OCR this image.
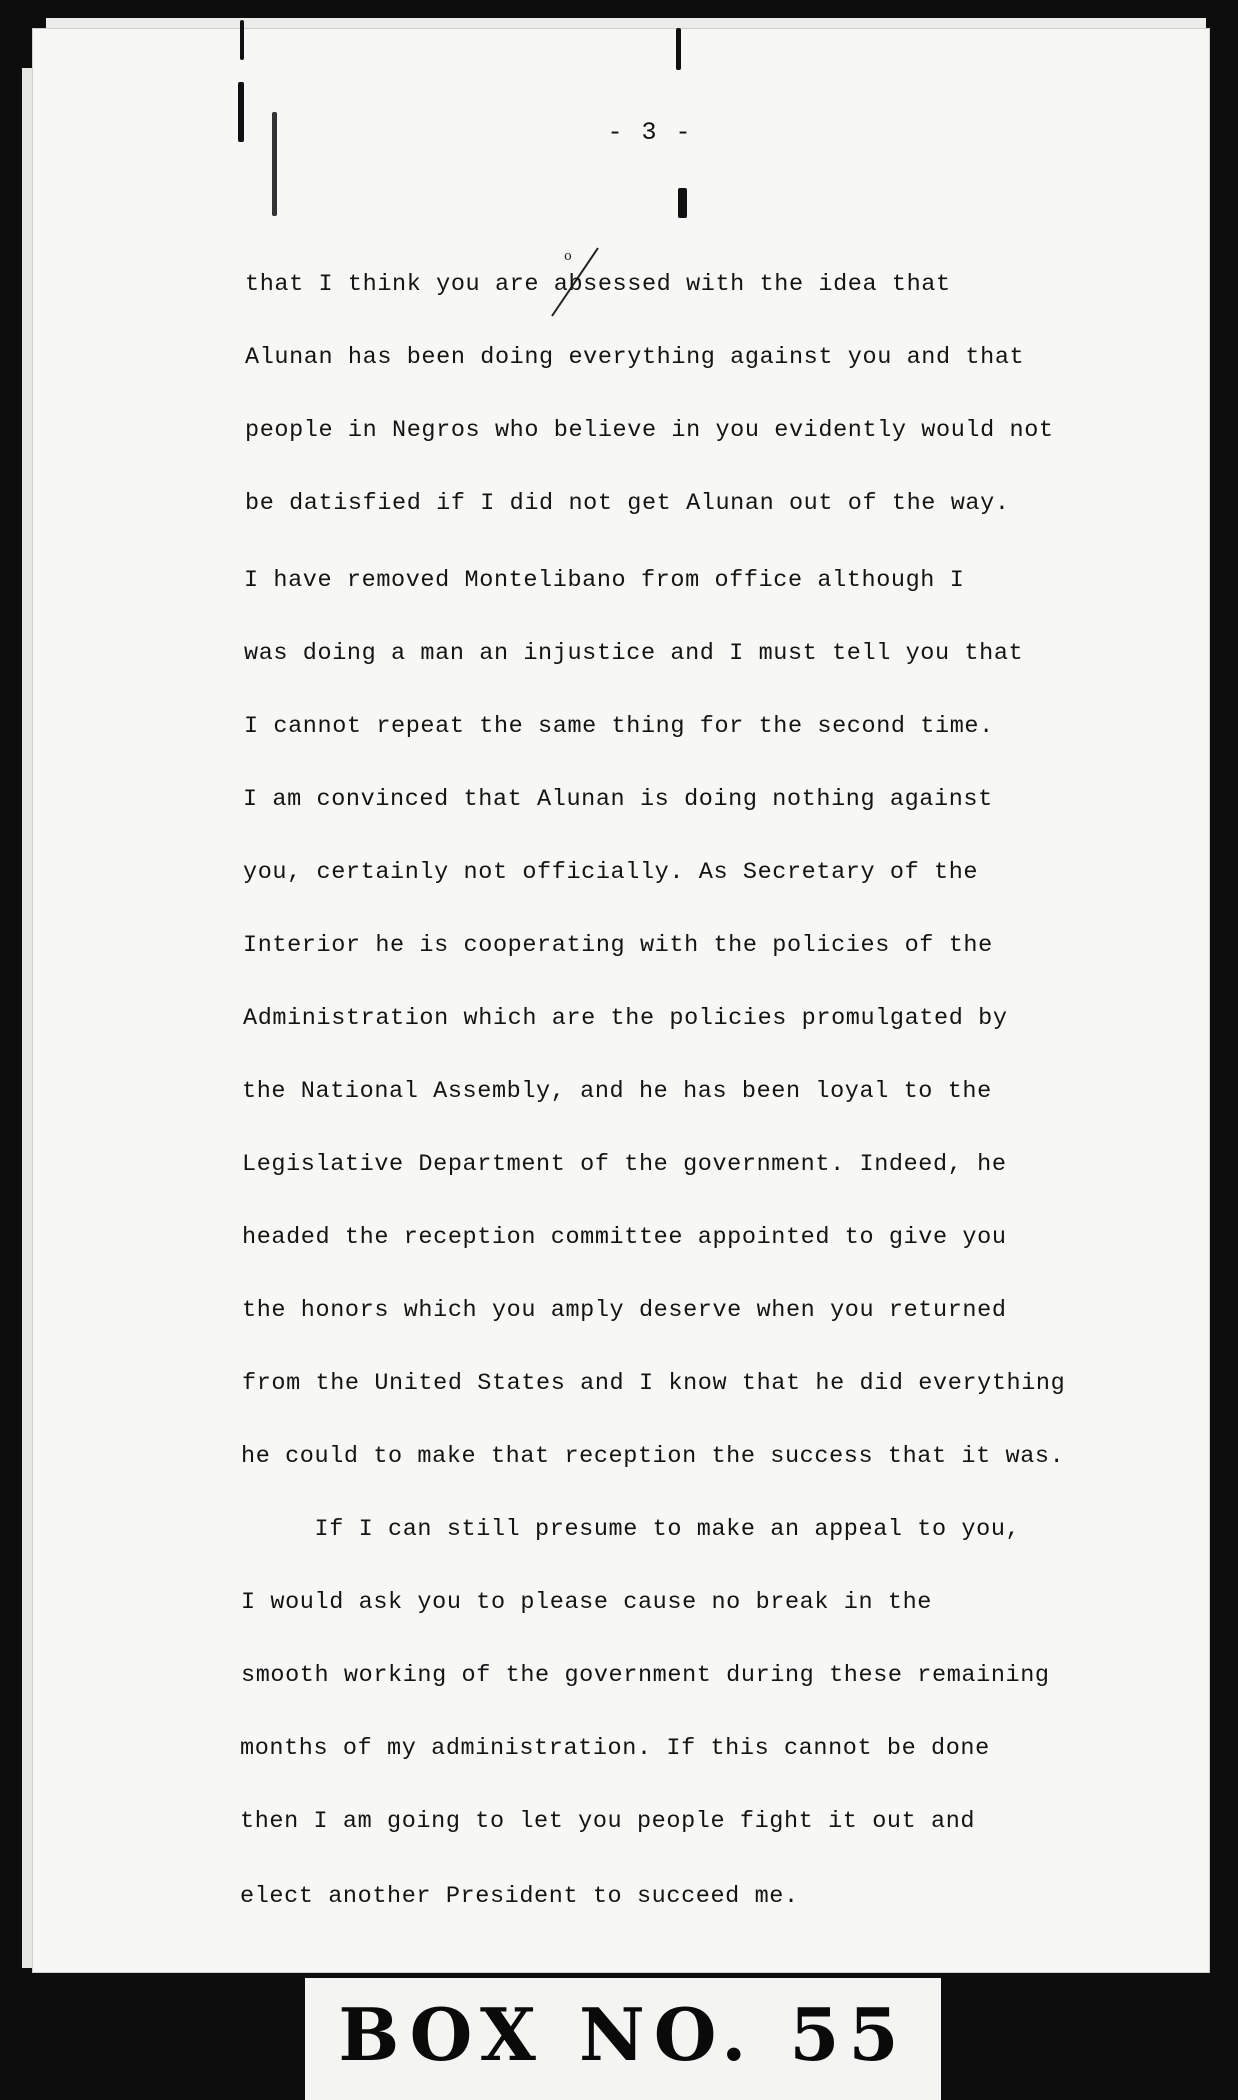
- 3 -
o
that I think you are absessed with the idea that
Alunan has been doing everything against you and that
people in Negros who believe in you evidently would not
be datisfied if I did not get Alunan out of the way.
I have removed Montelibano from office although I
was doing a man an injustice and I must tell you that
I cannot repeat the same thing for the second time.
I am convinced that Alunan is doing nothing against
you, certainly not officially. As Secretary of the
Interior he is cooperating with the policies of the
Administration which are the policies promulgated by
the National Assembly, and he has been loyal to the
Legislative Department of the government. Indeed, he
headed the reception committee appointed to give you
the honors which you amply deserve when you returned
from the United States and I know that he did everything
he could to make that reception the success that it was.
If I can still presume to make an appeal to you,
I would ask you to please cause no break in the
smooth working of the government during these remaining
months of my administration. If this cannot be done
then I am going to let you people fight it out and
elect another President to succeed me.
BOX NO. 55
